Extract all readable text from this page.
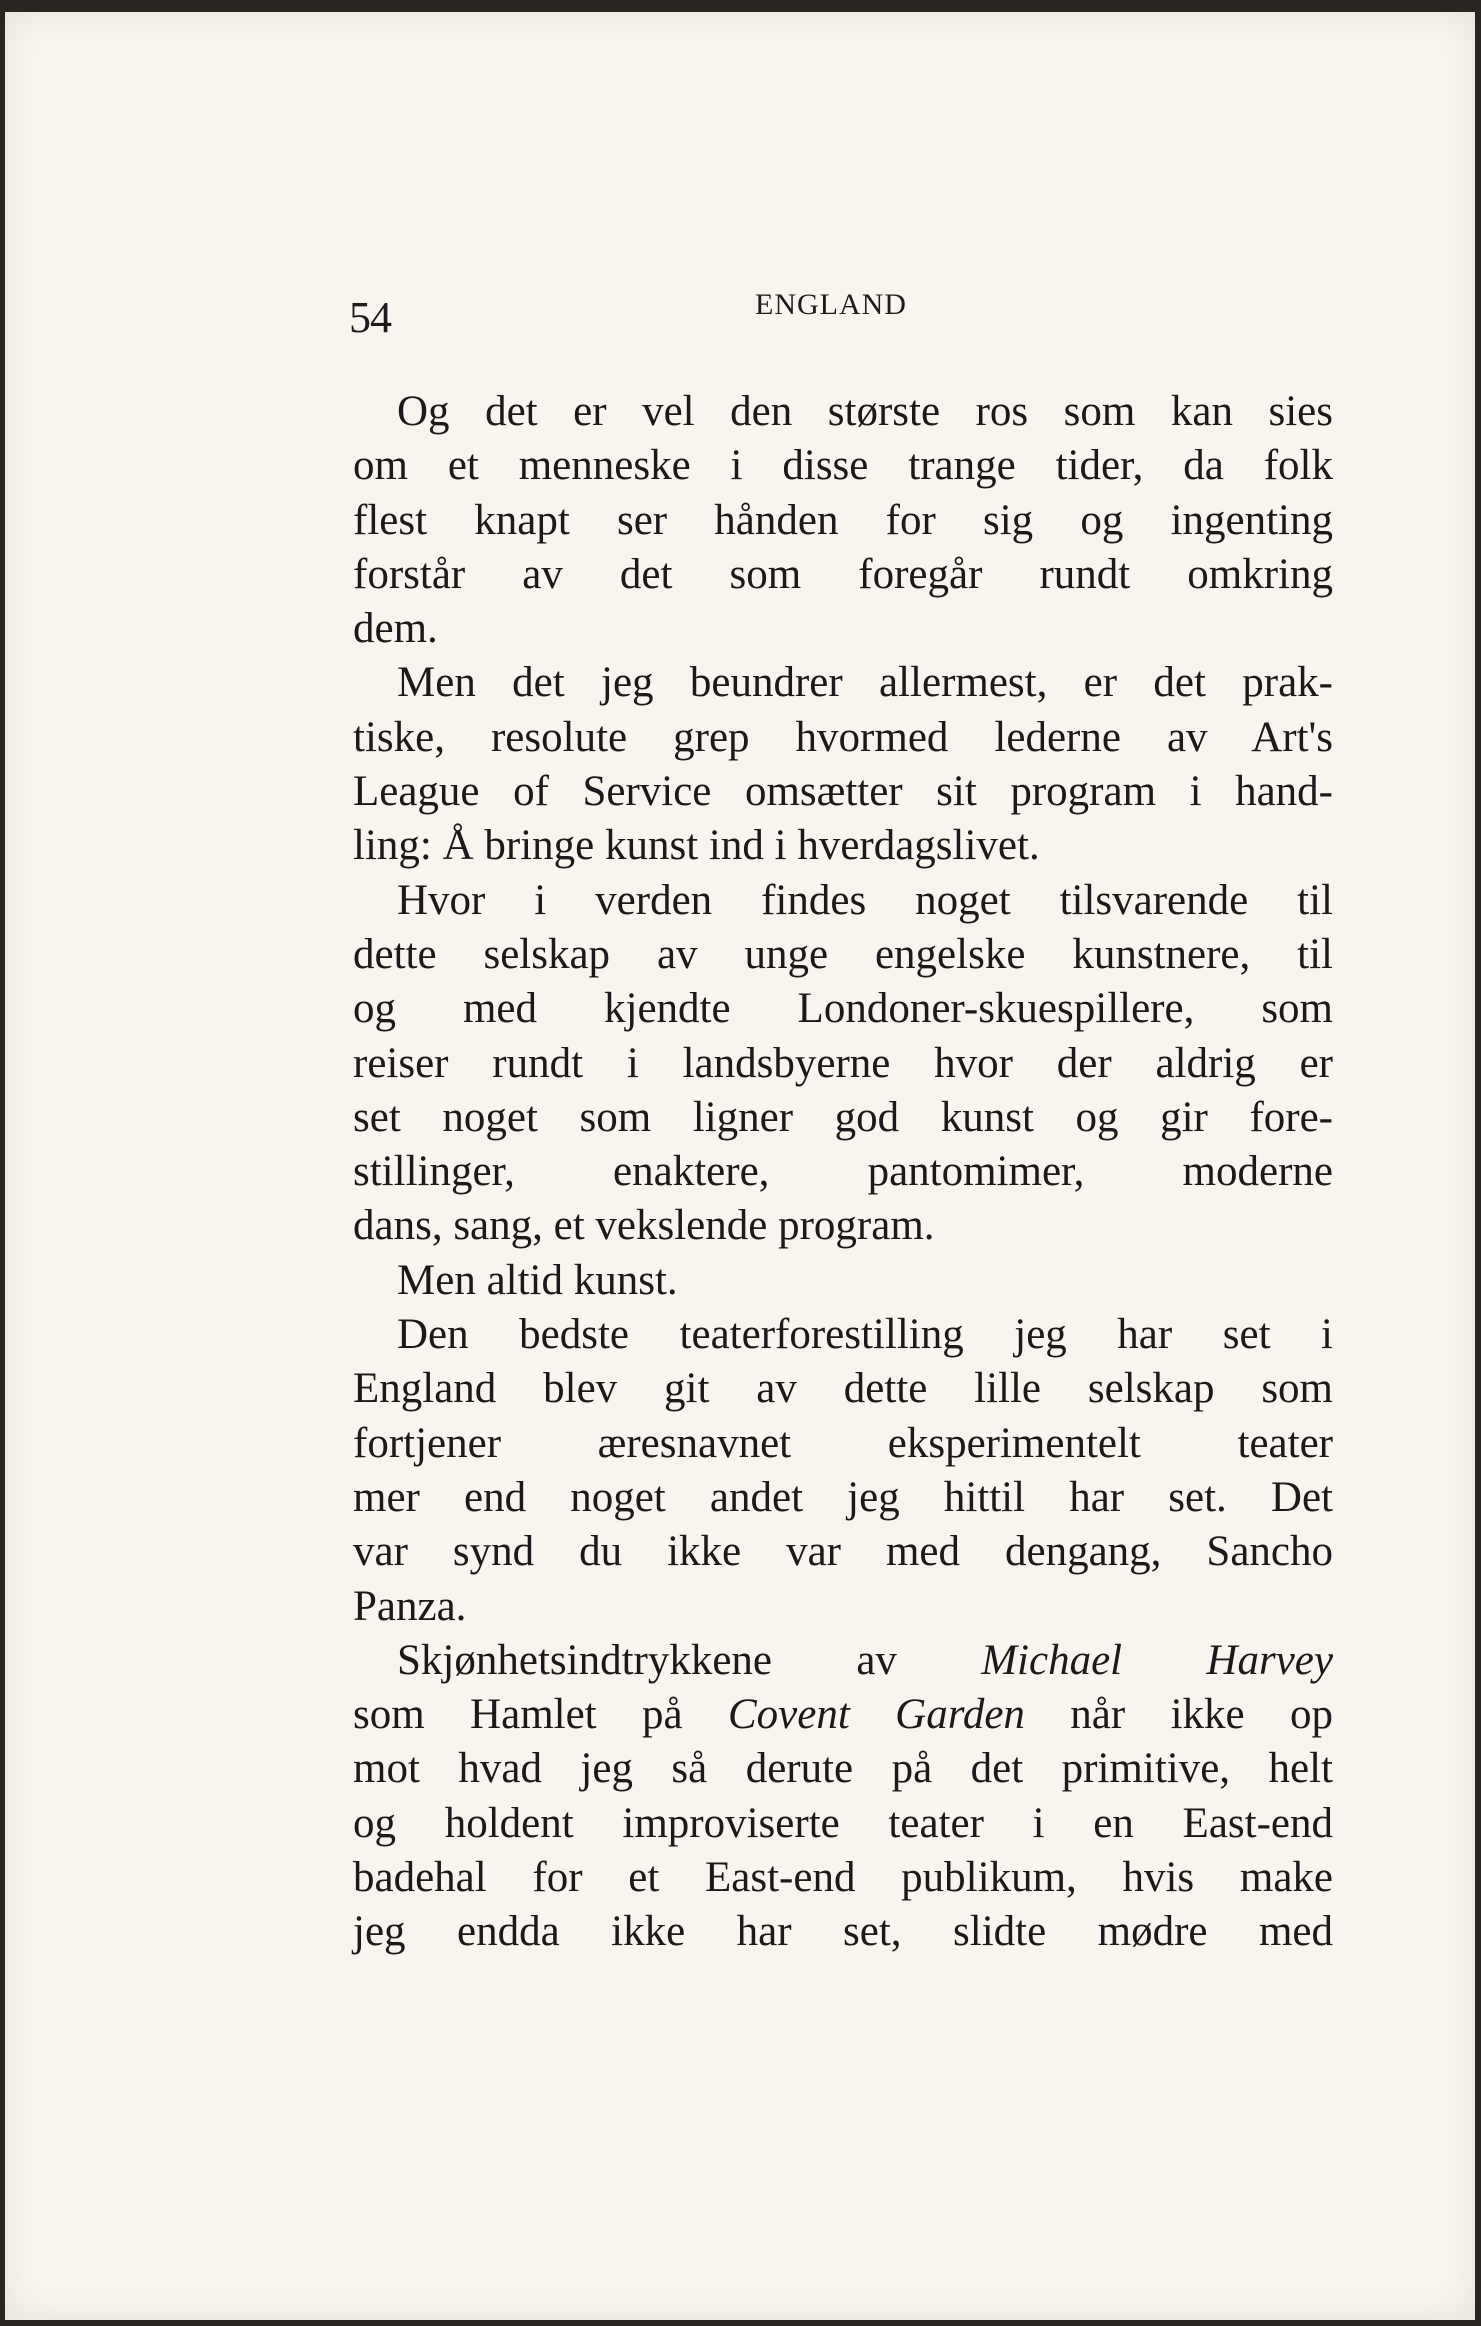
54	ENGLAND
Og det er vel den største ros som kan sies
om et menneske i disse trange tider, da folk
flest knapt ser hånden for sig og ingenting
forstår av det som foregår rundt omkring
dem.
Men det jeg beundrer allermest, er det prak-
tiske, resolute grep hvormed lederne av Art's
League of Service omsætter sit program i hand-
ling: Å bringe kunst ind i hverdagslivet.
Hvor i verden findes noget tilsvarende til
dette selskap av unge engelske kunstnere, til
og med kjendte Londoner-skuespillere, som
reiser rundt i landsbyerne hvor der aldrig er
set noget som ligner god kunst og gir fore-
stillinger, enaktere, pantomimer, moderne
dans, sang, et vekslende program.
Men altid kunst.
Den bedste teaterforestilling jeg har set i
England blev git av dette lille selskap som
fortjener æresnavnet eksperimentelt teater
mer end noget andet jeg hittil har set. Det
var synd du ikke var med dengang, Sancho
Panza.
Skjønhetsindtrykkene av Michael Harvey
som Hamlet på Covent Garden når ikke op
mot hvad jeg så derute på det primitive, helt
og holdent improviserte teater i en East-end
badehal for et East-end publikum, hvis make
jeg endda ikke har set, slidte mødre med
